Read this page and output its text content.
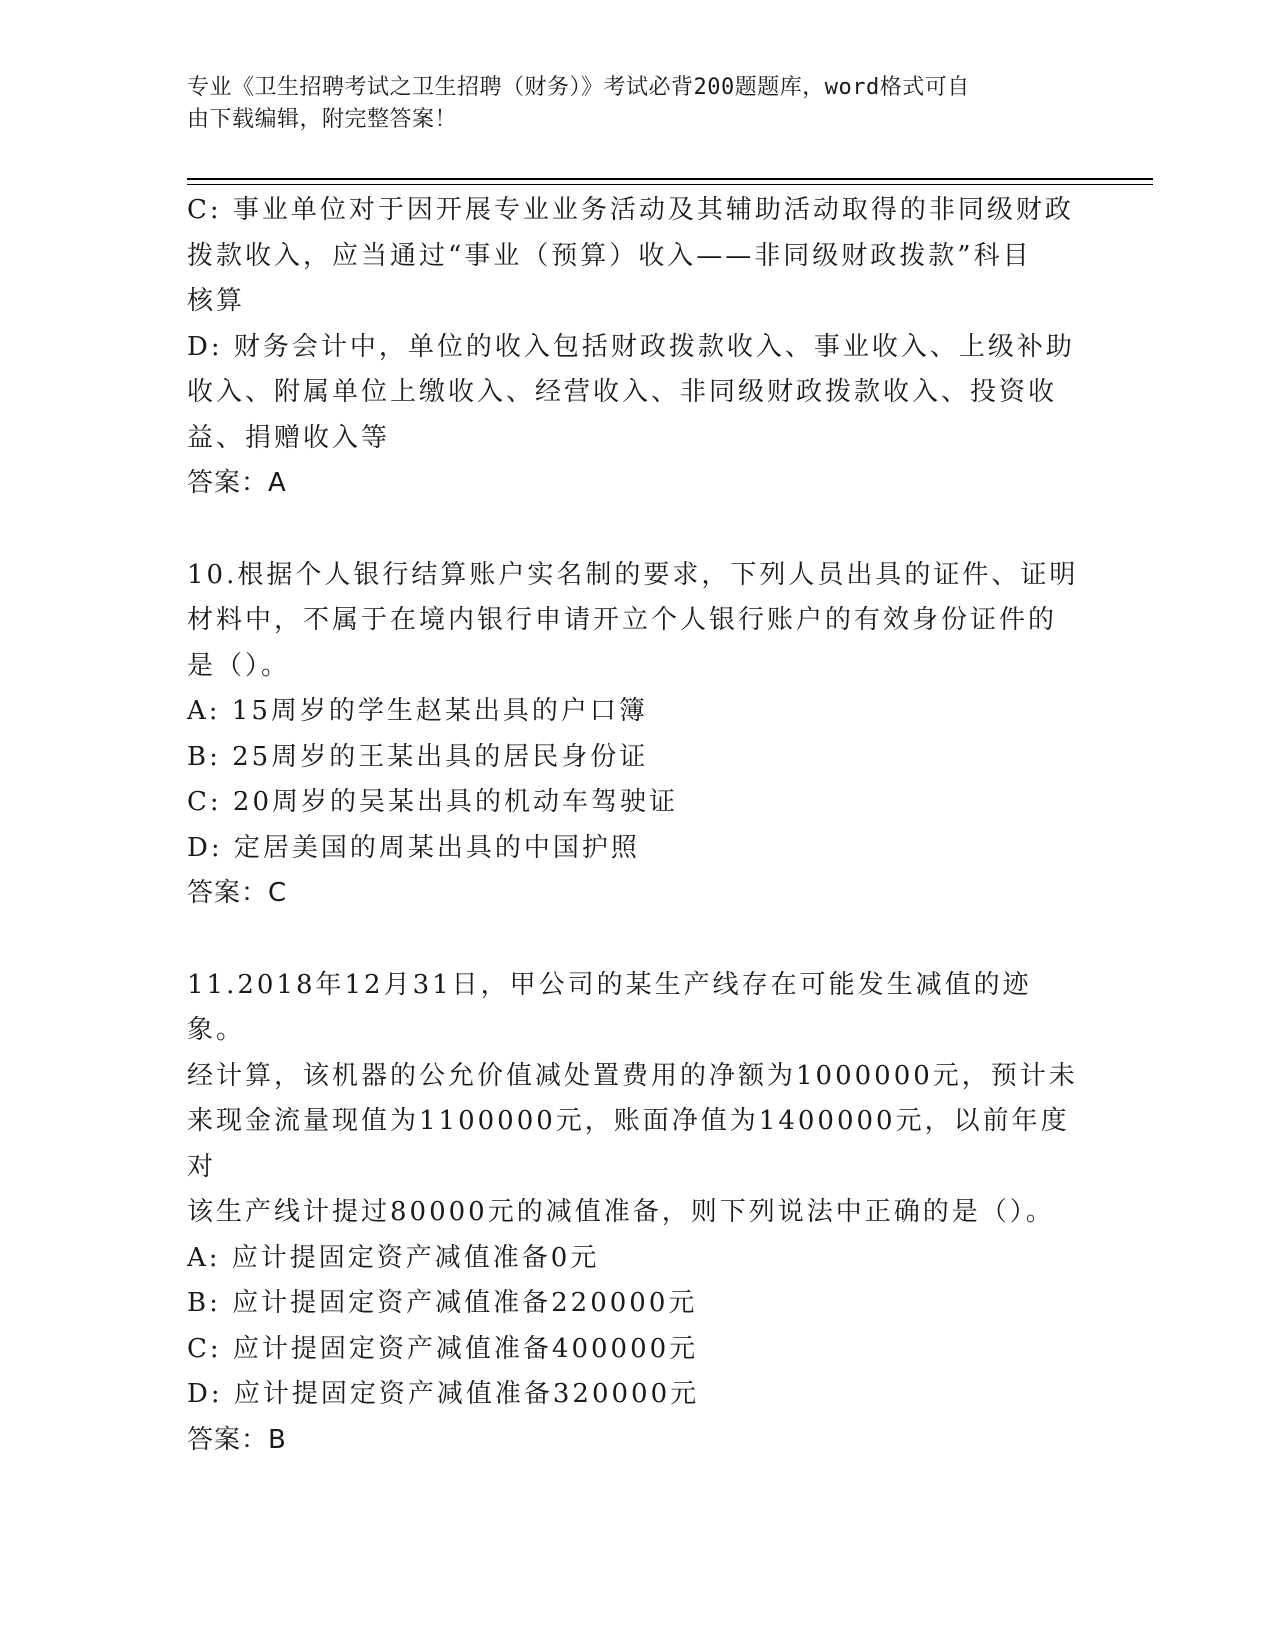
专业《卫生招聘考试之卫生招聘（财务）》考试必背200题题库，word格式可自
由下载编辑，附完整答案！
C: 事业单位对于因开展专业业务活动及其辅助活动取得的非同级财政
拨款收入，应当通过“事业（预算）收入——非同级财政拨款”科目
核算
D: 财务会计中，单位的收入包括财政拨款收入、事业收入、上级补助
收入、附属单位上缴收入、经营收入、非同级财政拨款收入、投资收
益、捐赠收入等
答案：A
10.根据个人银行结算账户实名制的要求，下列人员出具的证件、证明
材料中，不属于在境内银行申请开立个人银行账户的有效身份证件的
是（）。
A: 15周岁的学生赵某出具的户口簿
B: 25周岁的王某出具的居民身份证
C: 20周岁的吴某出具的机动车驾驶证
D: 定居美国的周某出具的中国护照
答案：C
11.2018年12月31日，甲公司的某生产线存在可能发生减值的迹象。
经计算，该机器的公允价值减处置费用的净额为1000000元，预计未
来现金流量现值为1100000元，账面净值为1400000元，以前年度对
该生产线计提过80000元的减值准备，则下列说法中正确的是（）。
A: 应计提固定资产减值准备0元
B: 应计提固定资产减值准备220000元
C: 应计提固定资产减值准备400000元
D: 应计提固定资产减值准备320000元
答案：B
